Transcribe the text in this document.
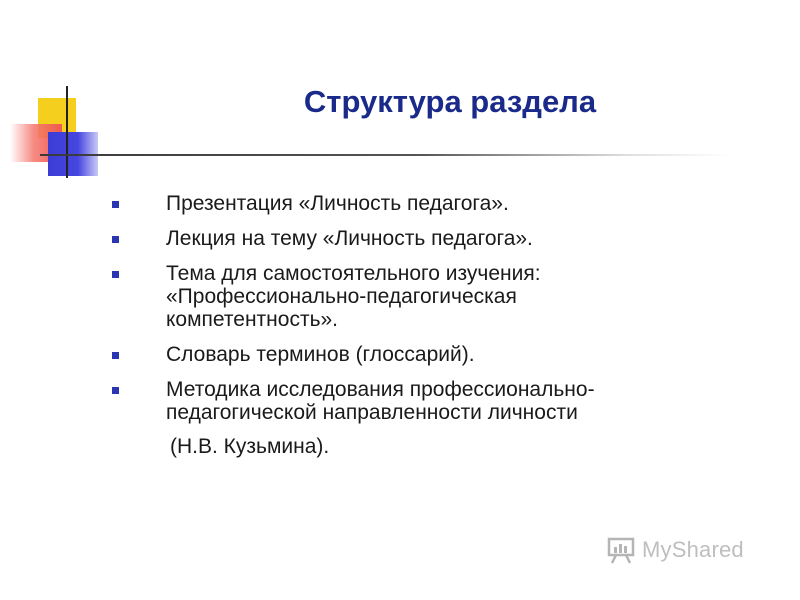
Структура раздела
Презентация «Личность педагога».
Лекция на тему «Личность педагога».
Тема для самостоятельного изучения:
«Профессионально-педагогическая
компетентность».
Словарь терминов (глоссарий).
Методика исследования профессионально-
педагогической направленности личности
(Н.В. Кузьмина).
MyShared
